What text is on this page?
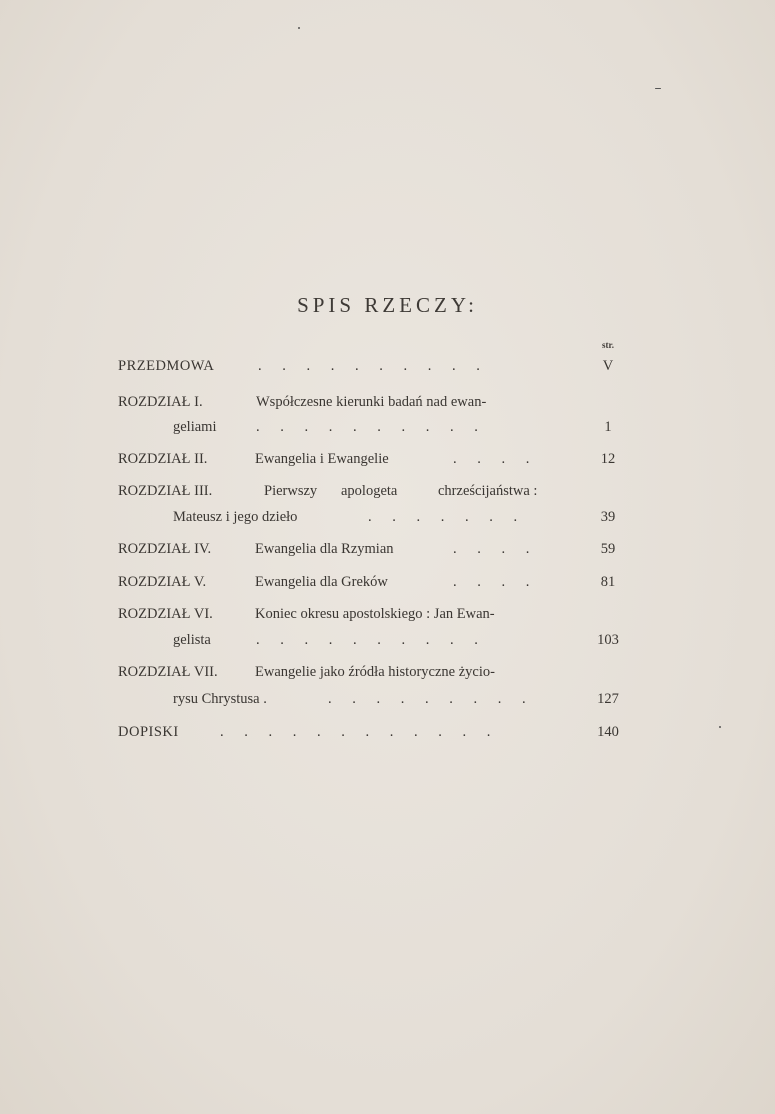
SPIS RZECZY:
str.
PRZEDMOWA	. . . . . . . . . .	V
ROZDZIAŁ I.	Współczesne kierunki badań nad ewan-
geliami	. . . . . . . . . .	1
ROZDZIAŁ II.	Ewangelia i Ewangelie	. . . .	12
ROZDZIAŁ III.	Pierwszy apologeta	chrześcijaństwa :
Mateusz i jego dzieło	. . . . . . .	39
ROZDZIAŁ IV.	Ewangelia dla Rzymian	. . . .	59
ROZDZIAŁ V.	Ewangelia dla Greków	. . . .	81
ROZDZIAŁ VI.	Koniec okresu apostolskiego : Jan Ewan-
gelista	. . . . . . . . . .	103
ROZDZIAŁ VII.	Ewangelie jako źródła historyczne życio-
rysu Chrystusa .	. . . . . . . . .	127
DOPISKI	. . . . . . . . . . . .	140
